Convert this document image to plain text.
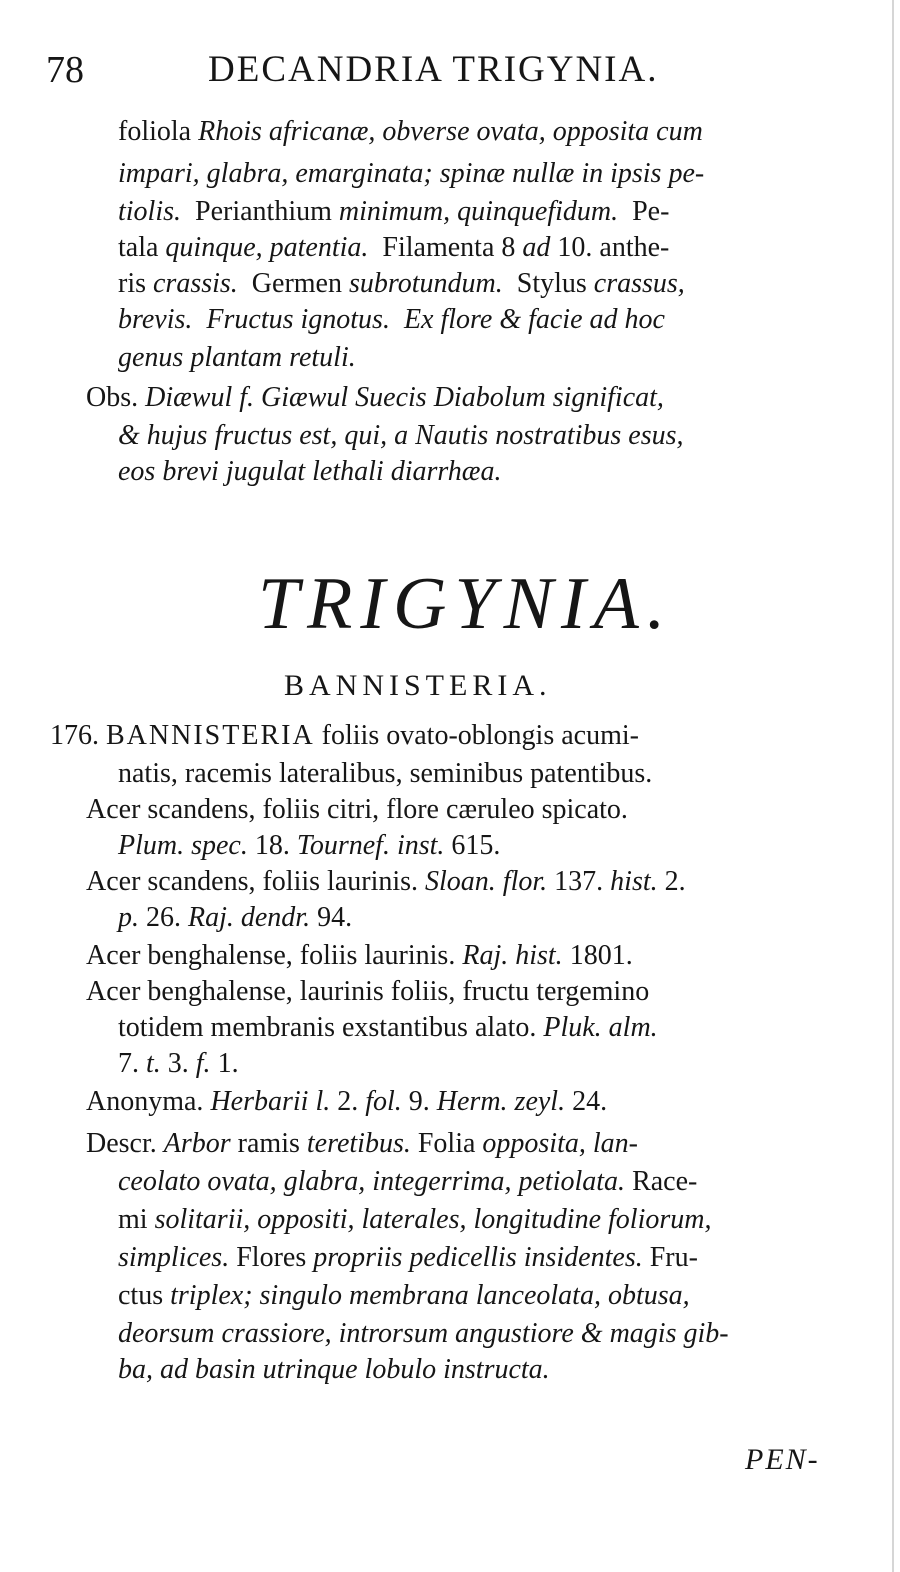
78	DECANDRIA TRIGYNIA.
foliola Rhois africanæ, obverse ovata, opposita cum
impari, glabra, emarginata; spinæ nullæ in ipsis pe-
tiolis.  Perianthium minimum, quinquefidum.  Pe-
tala quinque, patentia.  Filamenta 8 ad 10. anthe-
ris crassis.  Germen subrotundum.  Stylus crassus,
brevis.  Fructus ignotus.  Ex flore & facie ad hoc
genus plantam retuli.
Obs. Diæwul f. Giæwul Suecis Diabolum significat,
& hujus fructus est, qui, a Nautis nostratibus esus,
eos brevi jugulat lethali diarrhæa.
TRIGYNIA.
BANNISTERIA.
176. BANNISTERIA foliis ovato-oblongis acumi-
natis, racemis lateralibus, seminibus patentibus.
Acer scandens, foliis citri, flore cæruleo spicato.
Plum. spec. 18. Tournef. inst. 615.
Acer scandens, foliis laurinis. Sloan. flor. 137. hist. 2.
p. 26. Raj. dendr. 94.
Acer benghalense, foliis laurinis. Raj. hist. 1801.
Acer benghalense, laurinis foliis, fructu tergemino
totidem membranis exstantibus alato. Pluk. alm.
7. t. 3. f. 1.
Anonyma. Herbarii l. 2. fol. 9. Herm. zeyl. 24.
Descr. Arbor ramis teretibus. Folia opposita, lan-
ceolato ovata, glabra, integerrima, petiolata. Race-
mi solitarii, oppositi, laterales, longitudine foliorum,
simplices. Flores propriis pedicellis insidentes. Fru-
ctus triplex; singulo membrana lanceolata, obtusa,
deorsum crassiore, introrsum angustiore & magis gib-
ba, ad basin utrinque lobulo instructa.
PEN-
